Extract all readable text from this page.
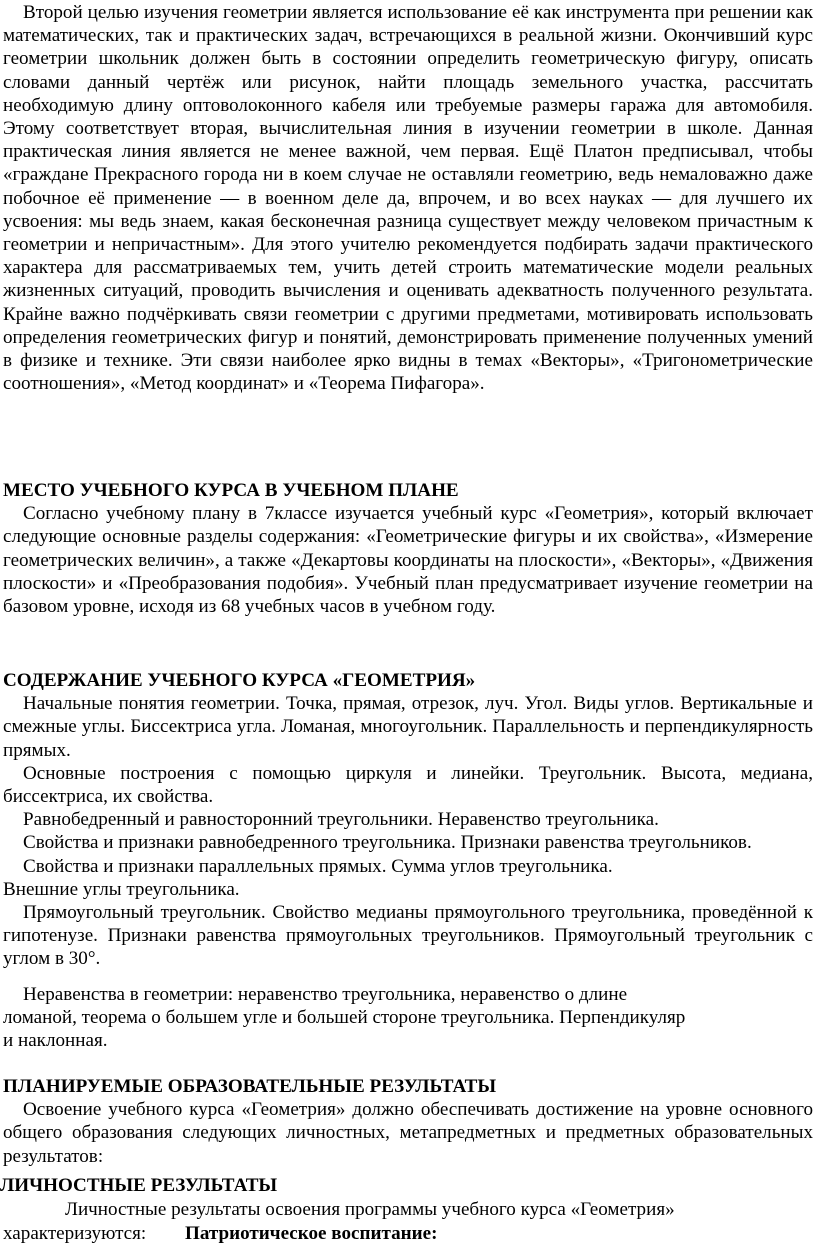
Второй целью изучения геометрии является использование её как инструмента при решении как математических, так и практических задач, встречающихся в реальной жизни. Окончивший курс геометрии школьник должен быть в состоянии определить геометрическую фигуру, описать словами данный чертёж или рисунок, найти площадь земельного участка, рассчитать необходимую длину оптоволоконного кабеля или требуемые размеры гаража для автомобиля. Этому соответствует вторая, вычислительная линия в изучении геометрии в школе. Данная практическая линия является не менее важной, чем первая. Ещё Платон предписывал, чтобы «граждане Прекрасного города ни в коем случае не оставляли геометрию, ведь немаловажно даже побочное её применение — в военном деле да, впрочем, и во всех науках — для лучшего их усвоения: мы ведь знаем, какая бесконечная разница существует между человеком причастным к геометрии и непричастным». Для этого учителю рекомендуется подбирать задачи практического характера для рассматриваемых тем, учить детей строить математические модели реальных жизненных ситуаций, проводить вычисления и оценивать адекватность полученного результата. Крайне важно подчёркивать связи геометрии с другими предметами, мотивировать использовать определения геометрических фигур и понятий, демонстрировать применение полученных умений в физике и технике. Эти связи наиболее ярко видны в темах «Векторы», «Тригонометрические соотношения», «Метод координат» и «Теорема Пифагора».

МЕСТО УЧЕБНОГО КУРСА В УЧЕБНОМ ПЛАНЕ

Согласно учебному плану в 7классе изучается учебный курс «Геометрия», который включает следующие основные разделы содержания: «Геометрические фигуры и их свойства», «Измерение геометрических величин», а также «Декартовы координаты на плоскости», «Векторы», «Движения плоскости» и «Преобразования подобия». Учебный план предусматривает изучение геометрии на базовом уровне, исходя из 68 учебных часов в учебном году.

СОДЕРЖАНИЕ УЧЕБНОГО КУРСА «ГЕОМЕТРИЯ»

Начальные понятия геометрии. Точка, прямая, отрезок, луч. Угол. Виды углов. Вертикальные и смежные углы. Биссектриса угла. Ломаная, многоугольник. Параллельность и перпендикулярность прямых.

Основные построения с помощью циркуля и линейки. Треугольник. Высота, медиана, биссектриса, их свойства.

Равнобедренный и равносторонний треугольники. Неравенство треугольника.

Свойства и признаки равнобедренного треугольника. Признаки равенства треугольников.

Свойства и признаки параллельных прямых. Сумма углов треугольника.

Внешние углы треугольника.

Прямоугольный треугольник. Свойство медианы прямоугольного треугольника, проведённой к гипотенузе. Признаки равенства прямоугольных треугольников. Прямоугольный треугольник с углом в 30°.

Неравенства в геометрии: неравенство треугольника, неравенство о длине
ломаной, теорема о большем угле и большей стороне треугольника. Перпендикуляр
и наклонная.

ПЛАНИРУЕМЫЕ ОБРАЗОВАТЕЛЬНЫЕ РЕЗУЛЬТАТЫ

Освоение учебного курса «Геометрия» должно обеспечивать достижение на уровне основного общего образования следующих личностных, метапредметных и предметных образовательных результатов:

ЛИЧНОСТНЫЕ РЕЗУЛЬТАТЫ
Личностные результаты освоения программы учебного курса «Геометрия»
характеризуются: Патриотическое воспитание:
